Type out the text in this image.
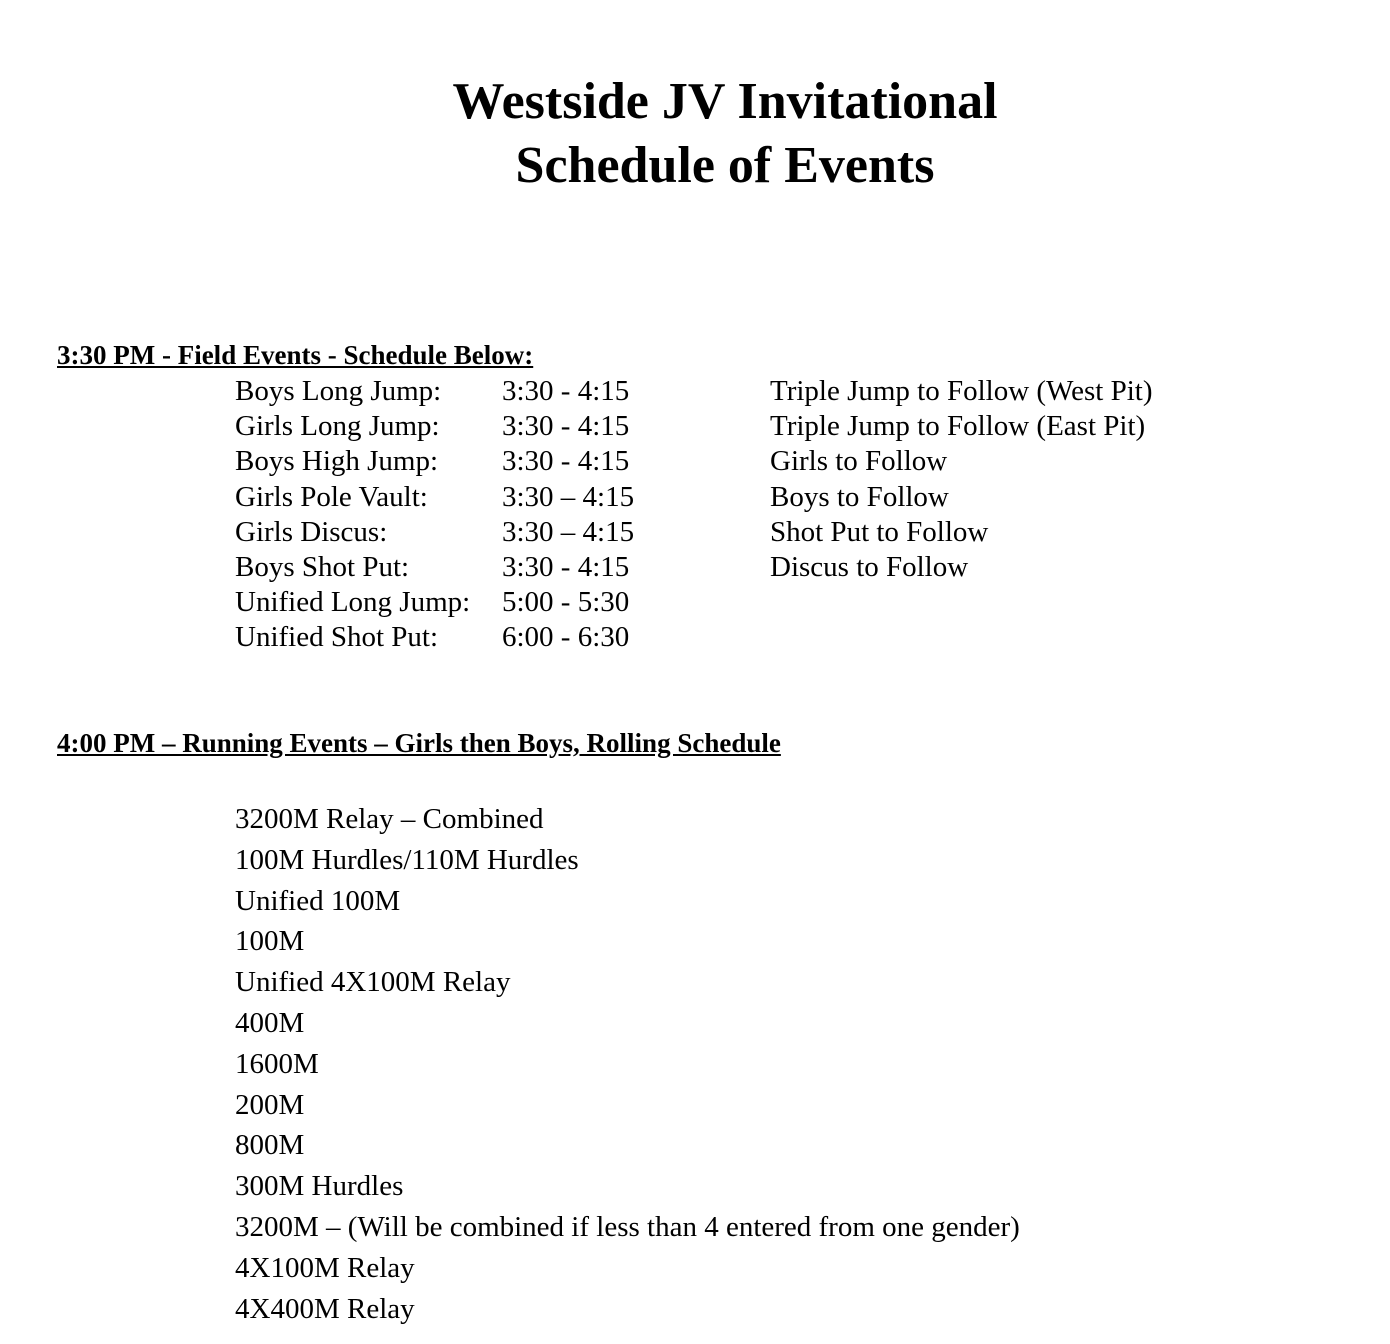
Westside JV Invitational
Schedule of Events
3:30 PM - Field Events - Schedule Below:
Boys Long Jump: 3:30 - 4:15	Triple Jump to Follow (West Pit)
Girls Long Jump: 3:30 - 4:15	Triple Jump to Follow (East Pit)
Boys High Jump: 3:30 - 4:15	Girls to Follow
Girls Pole Vault:	3:30 – 4:15	Boys to Follow
Girls Discus:	3:30 – 4:15	Shot Put to Follow
Boys Shot Put:	3:30 - 4:15	Discus to Follow
Unified Long Jump: 5:00 - 5:30
Unified Shot Put: 6:00 - 6:30
4:00 PM – Running Events – Girls then Boys, Rolling Schedule
3200M Relay – Combined
100M Hurdles/110M Hurdles
Unified 100M
100M
Unified 4X100M Relay
400M
1600M
200M
800M
300M Hurdles
3200M – (Will be combined if less than 4 entered from one gender)
4X100M Relay
4X400M Relay
